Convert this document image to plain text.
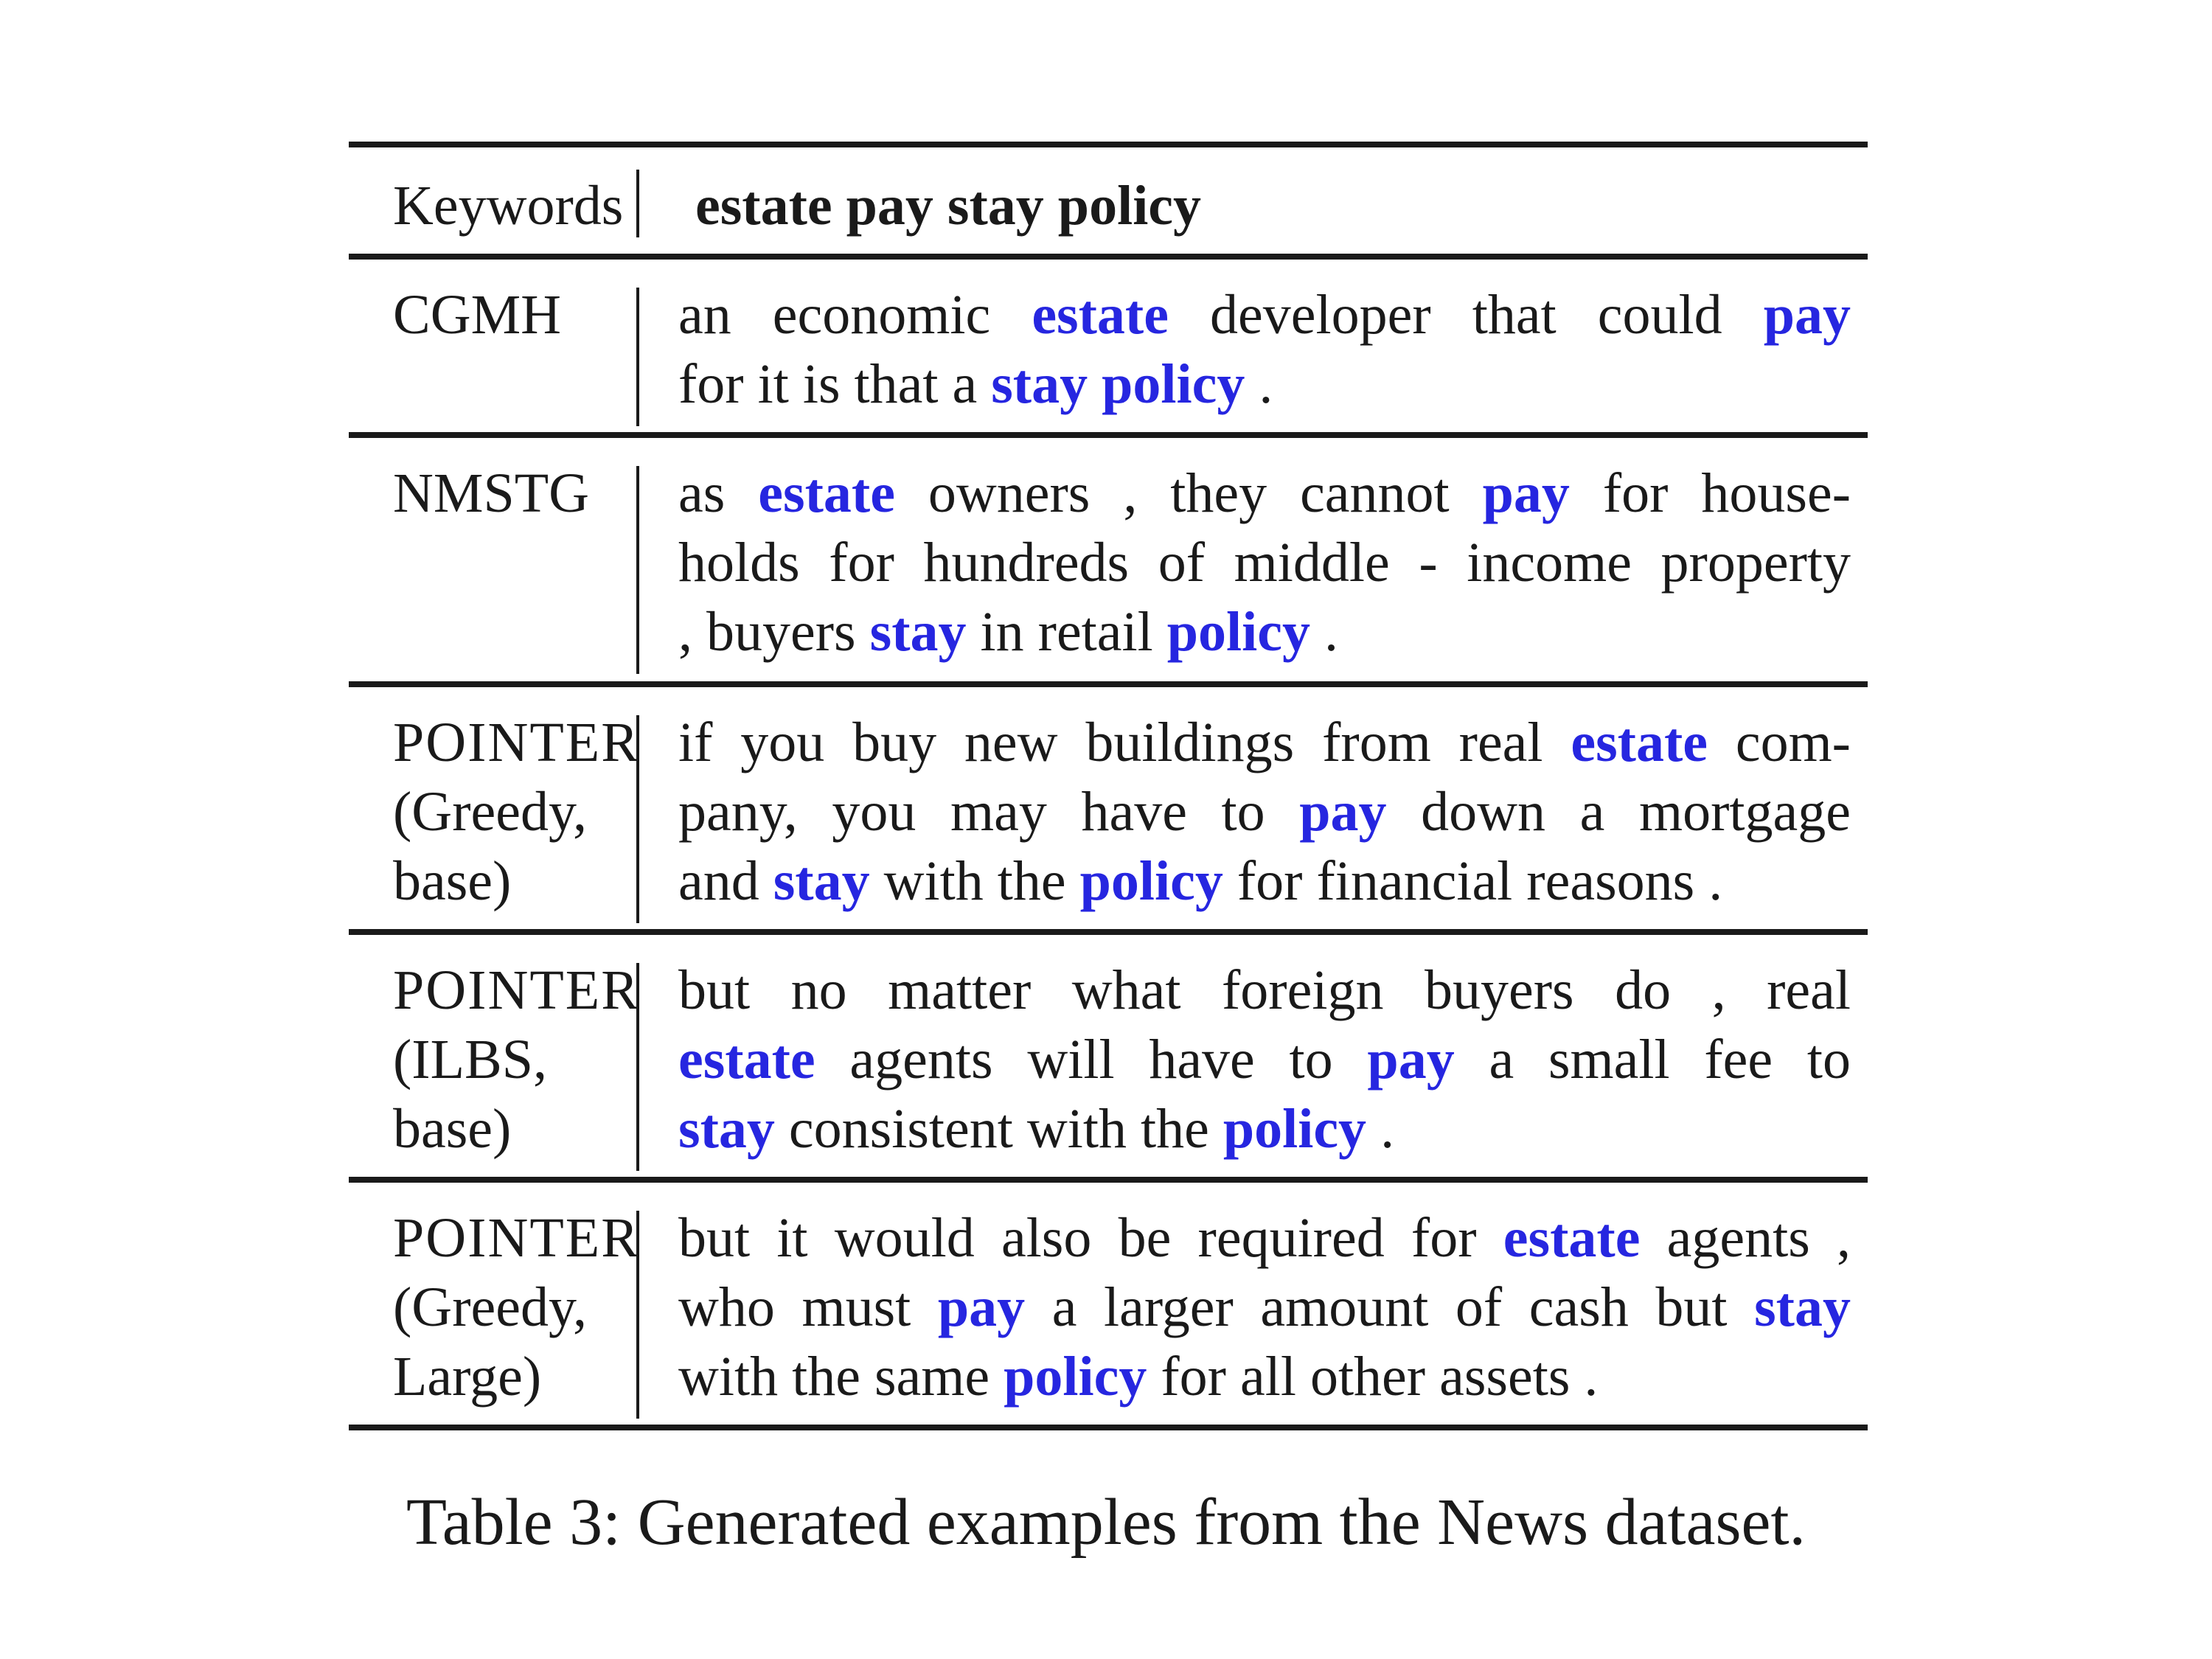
Keywords estate pay stay policy
CGMH an economic estate developer that could pay
for it is that a stay policy .
NMSTG as estate owners , they cannot pay for house-
holds for hundreds of middle - income property
, buyers stay in retail policy .
POINTER
(Greedy,
base)
if you buy new buildings from real estate com-
pany, you may have to pay down a mortgage
and stay with the policy for financial reasons .
POINTER
(ILBS,
base)
but no matter what foreign buyers do , real
estate agents will have to pay a small fee to
stay consistent with the policy .
POINTER
(Greedy,
Large)
but it would also be required for estate agents ,
who must pay a larger amount of cash but stay
with the same policy for all other assets .
Table 3: Generated examples from the News dataset.
